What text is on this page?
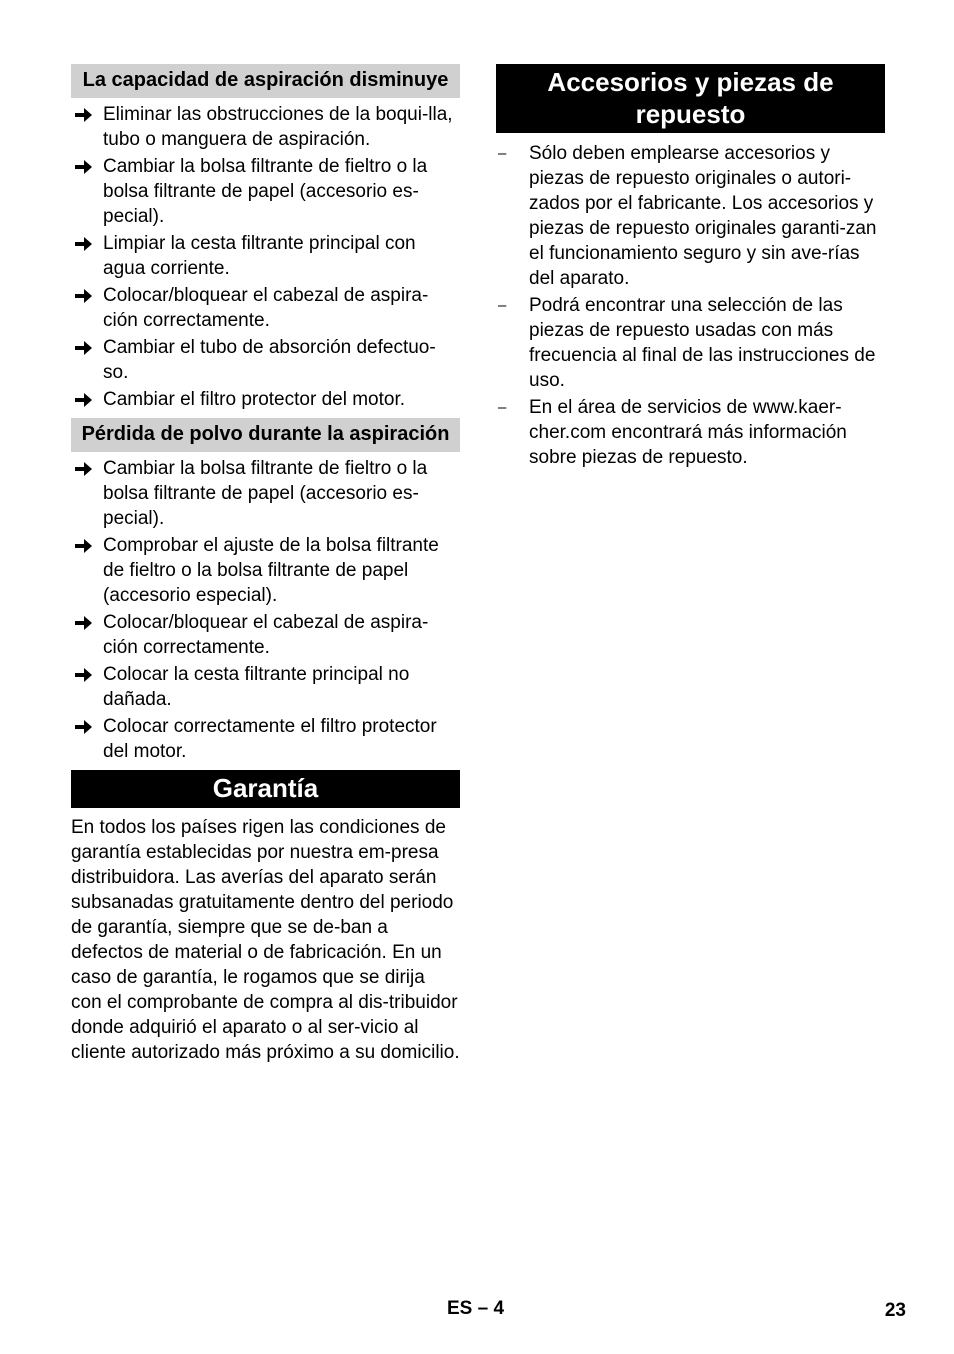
La capacidad de aspiración disminuye
Eliminar las obstrucciones de la boqui-lla, tubo o manguera de aspiración.
Cambiar la bolsa filtrante de fieltro o la bolsa filtrante de papel (accesorio es-pecial).
Limpiar la cesta filtrante principal con agua corriente.
Colocar/bloquear el cabezal de aspira-ción correctamente.
Cambiar el tubo de absorción defectuo-so.
Cambiar el filtro protector del motor.
Pérdida de polvo durante la aspiración
Cambiar la bolsa filtrante de fieltro o la bolsa filtrante de papel (accesorio es-pecial).
Comprobar el ajuste de la bolsa filtrante de fieltro o la bolsa filtrante de papel (accesorio especial).
Colocar/bloquear el cabezal de aspira-ción correctamente.
Colocar la cesta filtrante principal no dañada.
Colocar correctamente el filtro protector del motor.
Garantía
En todos los países rigen las condiciones de garantía establecidas por nuestra em-presa distribuidora. Las averías del aparato serán subsanadas gratuitamente dentro del periodo de garantía, siempre que se de-ban a defectos de material o de fabricación. En un caso de garantía, le rogamos que se dirija con el comprobante de compra al dis-tribuidor donde adquirió el aparato o al ser-vicio al cliente autorizado más próximo a su domicilio.
Accesorios y piezas de repuesto
– Sólo deben emplearse accesorios y piezas de repuesto originales o autori-zados por el fabricante. Los accesorios y piezas de repuesto originales garanti-zan el funcionamiento seguro y sin ave-rías del aparato.
– Podrá encontrar una selección de las piezas de repuesto usadas con más frecuencia al final de las instrucciones de uso.
– En el área de servicios de www.kaer-cher.com encontrará más información sobre piezas de repuesto.
ES – 4	23
